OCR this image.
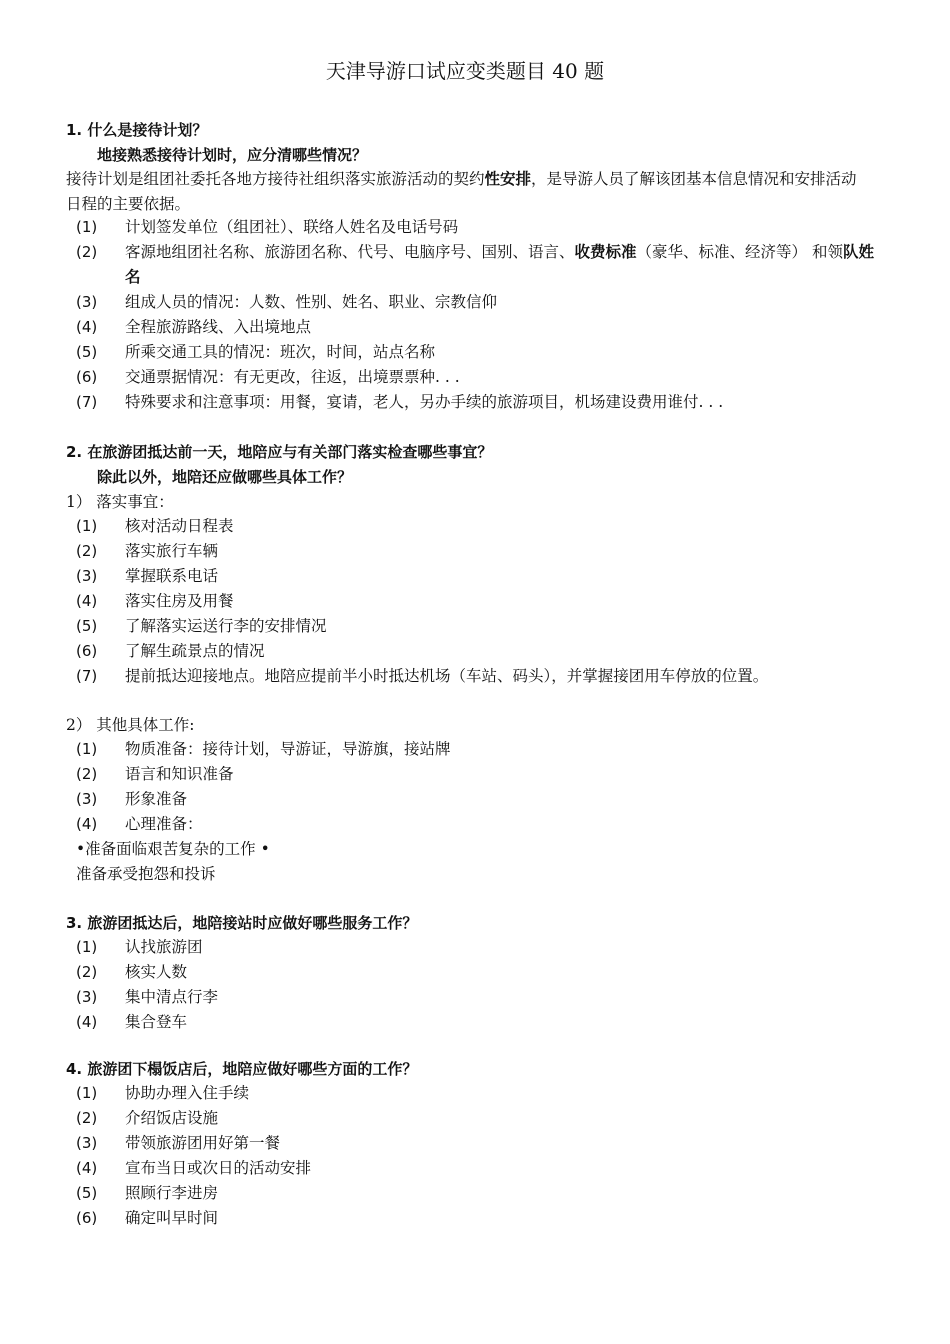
天津导游口试应变类题目 40 题
1. 什么是接待计划？
地接熟悉接待计划时，应分清哪些情况？
接待计划是组团社委托各地方接待社组织落实旅游活动的契约性安排，是导游人员了解该团基本信息情况和安排活动日程的主要依据。
(1) 计划签发单位（组团社）、联络人姓名及电话号码
(2) 客源地组团社名称、旅游团名称、代号、电脑序号、国别、语言、收费标准（豪华、标准、经济等） 和领队姓名
(3) 组成人员的情况：人数、性别、姓名、职业、宗教信仰
(4) 全程旅游路线、入出境地点
(5) 所乘交通工具的情况：班次，时间，站点名称
(6) 交通票据情况：有无更改，往返，出境票票种. . .
(7) 特殊要求和注意事项：用餐，宴请，老人，另办手续的旅游项目，机场建设费用谁付. . .
2. 在旅游团抵达前一天，地陪应与有关部门落实检查哪些事宜？
除此以外，地陪还应做哪些具体工作？
1） 落实事宜：
(1) 核对活动日程表
(2) 落实旅行车辆
(3) 掌握联系电话
(4) 落实住房及用餐
(5) 了解落实运送行李的安排情况
(6) 了解生疏景点的情况
(7) 提前抵达迎接地点。地陪应提前半小时抵达机场（车站、码头），并掌握接团用车停放的位置。
2） 其他具体工作:
(1) 物质准备：接待计划，导游证，导游旗，接站牌
(2) 语言和知识准备
(3) 形象准备
(4) 心理准备：
•准备面临艰苦复杂的工作 •
准备承受抱怨和投诉
3. 旅游团抵达后，地陪接站时应做好哪些服务工作？
(1) 认找旅游团
(2) 核实人数
(3) 集中清点行李
(4) 集合登车
4. 旅游团下榻饭店后，地陪应做好哪些方面的工作？
(1) 协助办理入住手续
(2) 介绍饭店设施
(3) 带领旅游团用好第一餐
(4) 宣布当日或次日的活动安排
(5) 照顾行李进房
(6) 确定叫早时间
